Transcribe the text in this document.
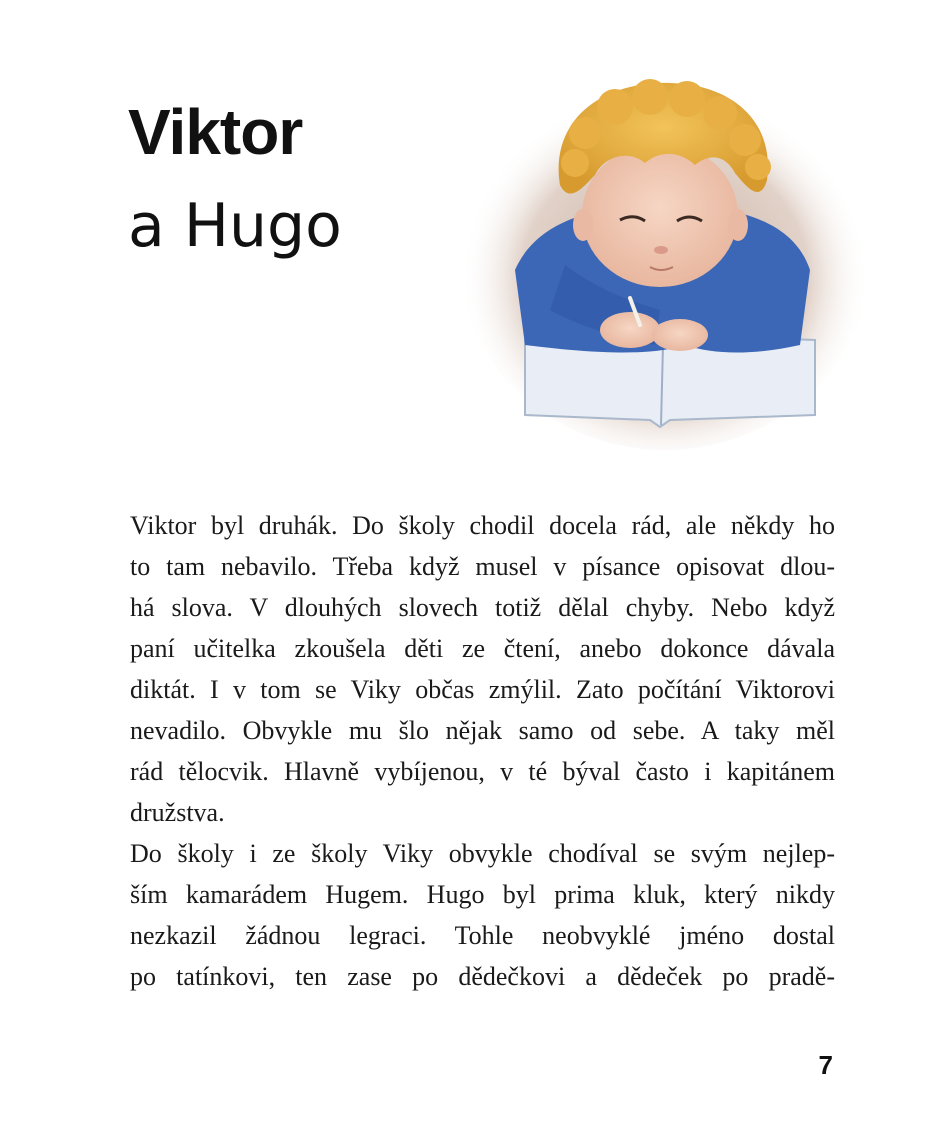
Viktor
a Hugo
Viktor byl druhák. Do školy chodil docela rád, ale někdy ho
to tam nebavilo. Třeba když musel v písance opisovat dlou-
há slova. V dlouhých slovech totiž dělal chyby. Nebo když
paní učitelka zkoušela děti ze čtení, anebo dokonce dávala
diktát. I v tom se Viky občas zmýlil. Zato počítání Viktorovi
nevadilo. Obvykle mu šlo nějak samo od sebe. A taky měl
rád tělocvik. Hlavně vybíjenou, v té býval často i kapitánem
družstva.
Do školy i ze školy Viky obvykle chodíval se svým nejlep-
ším kamarádem Hugem. Hugo byl prima kluk, který nikdy
nezkazil žádnou legraci. Tohle neobvyklé jméno dostal
po tatínkovi, ten zase po dědečkovi a dědeček po pradě-
7
